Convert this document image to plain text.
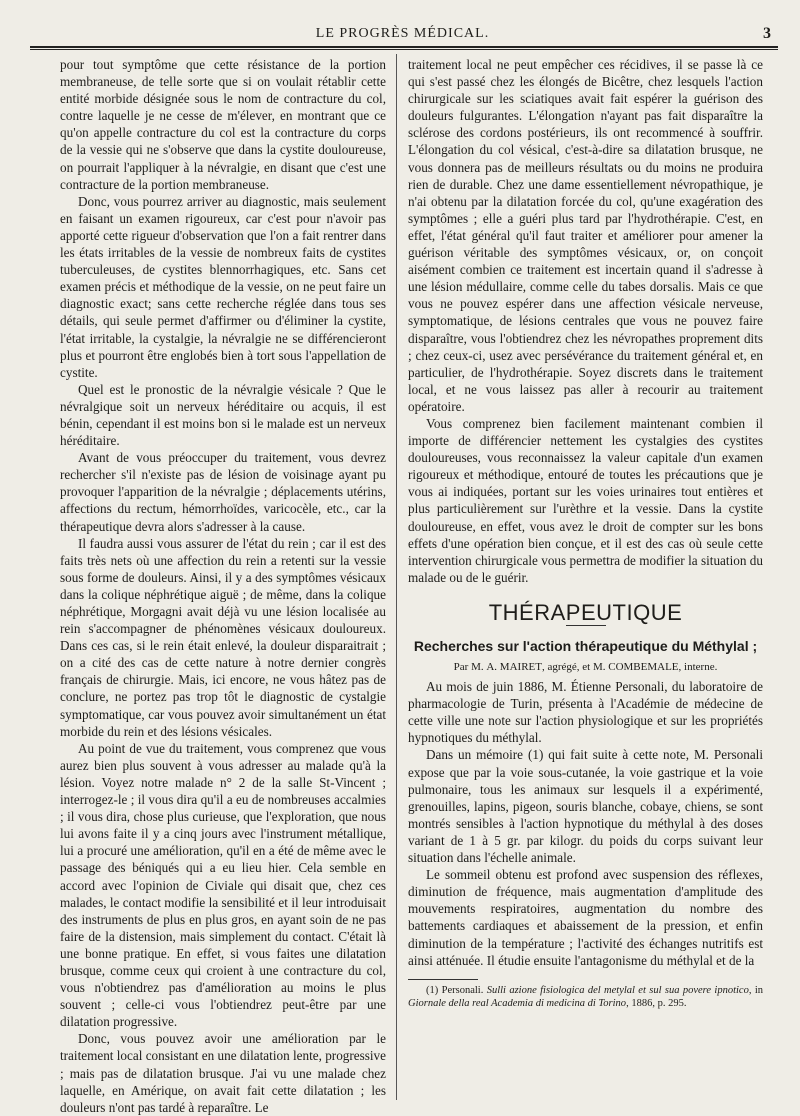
LE PROGRÈS MÉDICAL.	3

pour tout symptôme que cette résistance de la portion membraneuse, de telle sorte que si on voulait rétablir cette entité morbide désignée sous le nom de contracture du col, contre laquelle je ne cesse de m'élever, en montrant que ce qu'on appelle contracture du col est la contracture du corps de la vessie qui ne s'observe que dans la cystite douloureuse, on pourrait l'appliquer à la névralgie, en disant que c'est une contracture de la portion membraneuse.

Donc, vous pourrez arriver au diagnostic, mais seulement en faisant un examen rigoureux, car c'est pour n'avoir pas apporté cette rigueur d'observation que l'on a fait rentrer dans les états irritables de la vessie de nombreux faits de cystites tuberculeuses, de cystites blennorrhagiques, etc. Sans cet examen précis et méthodique de la vessie, on ne peut faire un diagnostic exact; sans cette recherche réglée dans tous ses détails, qui seule permet d'affirmer ou d'éliminer la cystite, l'état irritable, la cystalgie, la névralgie ne se différencieront plus et pourront être englobés bien à tort sous l'appellation de cystite.

Quel est le pronostic de la névralgie vésicale ? Que le névralgique soit un nerveux héréditaire ou acquis, il est bénin, cependant il est moins bon si le malade est un nerveux héréditaire.

Avant de vous préoccuper du traitement, vous devrez rechercher s'il n'existe pas de lésion de voisinage ayant pu provoquer l'apparition de la névralgie ; déplacements utérins, affections du rectum, hémorrhoïdes, varicocèle, etc., car la thérapeutique devra alors s'adresser à la cause.

Il faudra aussi vous assurer de l'état du rein ; car il est des faits très nets où une affection du rein a retenti sur la vessie sous forme de douleurs. Ainsi, il y a des symptômes vésicaux dans la colique néphrétique aiguë ; de même, dans la colique néphrétique, Morgagni avait déjà vu une lésion localisée au rein s'accompagner de phénomènes vésicaux douloureux. Dans ces cas, si le rein était enlevé, la douleur disparaitrait ; on a cité des cas de cette nature à notre dernier congrès français de chirurgie. Mais, ici encore, ne vous hâtez pas de conclure, ne portez pas trop tôt le diagnostic de cystalgie symptomatique, car vous pouvez avoir simultanément un état morbide du rein et des lésions vésicales.

Au point de vue du traitement, vous comprenez que vous aurez bien plus souvent à vous adresser au malade qu'à la lésion. Voyez notre malade n° 2 de la salle St-Vincent ; interrogez-le ; il vous dira qu'il a eu de nombreuses accalmies ; il vous dira, chose plus curieuse, que l'exploration, que nous lui avons faite il y a cinq jours avec l'instrument métallique, lui a procuré une amélioration, qu'il en a été de même avec le passage des béniqués qui a eu lieu hier. Cela semble en accord avec l'opinion de Civiale qui disait que, chez ces malades, le contact modifie la sensibilité et il leur introduisait des instruments de plus en plus gros, en ayant soin de ne pas faire de la distension, mais simplement du contact. C'était là une bonne pratique. En effet, si vous faites une dilatation brusque, comme ceux qui croient à une contracture du col, vous n'obtiendrez pas d'amélioration au moins le plus souvent ; celle-ci vous l'obtiendrez peut-être par une dilatation progressive.

Donc, vous pouvez avoir une amélioration par le traitement local consistant en une dilatation lente, progressive ; mais pas de dilatation brusque. J'ai vu une malade chez laquelle, en Amérique, on avait fait cette dilatation ; les douleurs n'ont pas tardé à reparaître. Le

traitement local ne peut empêcher ces récidives, il se passe là ce qui s'est passé chez les élongés de Bicêtre, chez lesquels l'action chirurgicale sur les sciatiques avait fait espérer la guérison des douleurs fulgurantes. L'élongation n'ayant pas fait disparaître la sclérose des cordons postérieurs, ils ont recommencé à souffrir. L'élongation du col vésical, c'est-à-dire sa dilatation brusque, ne vous donnera pas de meilleurs résultats ou du moins ne produira rien de durable. Chez une dame essentiellement névropathique, je n'ai obtenu par la dilatation forcée du col, qu'une exagération des symptômes ; elle a guéri plus tard par l'hydrothérapie. C'est, en effet, l'état général qu'il faut traiter et améliorer pour amener la guérison véritable des symptômes vésicaux, or, on conçoit aisément combien ce traitement est incertain quand il s'adresse à une lésion médullaire, comme celle du tabes dorsalis. Mais ce que vous ne pouvez espérer dans une affection vésicale nerveuse, symptomatique, de lésions centrales que vous ne pouvez faire disparaître, vous l'obtiendrez chez les névropathes proprement dits ; chez ceux-ci, usez avec persévérance du traitement général et, en particulier, de l'hydrothérapie. Soyez discrets dans le traitement local, et ne vous laissez pas aller à recourir au traitement opératoire.

Vous comprenez bien facilement maintenant combien il importe de différencier nettement les cystalgies des cystites douloureuses, vous reconnaissez la valeur capitale d'un examen rigoureux et méthodique, entouré de toutes les précautions que je vous ai indiquées, portant sur les voies urinaires tout entières et plus particulièrement sur l'urèthre et la vessie. Dans la cystite douloureuse, en effet, vous avez le droit de compter sur les bons effets d'une opération bien conçue, et il est des cas où seule cette intervention chirurgicale vous permettra de modifier la situation du malade ou de le guérir.

THÉRAPEUTIQUE
Recherches sur l'action thérapeutique du Méthylal ;
Par M. A. MAIRET, agrégé, et M. COMBEMALE, interne.

Au mois de juin 1886, M. Étienne Personali, du laboratoire de pharmacologie de Turin, présenta à l'Académie de médecine de cette ville une note sur l'action physiologique et sur les propriétés hypnotiques du méthylal.

Dans un mémoire (1) qui fait suite à cette note, M. Personali expose que par la voie sous-cutanée, la voie gastrique et la voie pulmonaire, tous les animaux sur lesquels il a expérimenté, grenouilles, lapins, pigeon, souris blanche, cobaye, chiens, se sont montrés sensibles à l'action hypnotique du méthylal à des doses variant de 1 à 5 gr. par kilogr. du poids du corps suivant leur situation dans l'échelle animale.

Le sommeil obtenu est profond avec suspension des réflexes, diminution de fréquence, mais augmentation d'amplitude des mouvements respiratoires, augmentation du nombre des battements cardiaques et abaissement de la pression, et enfin diminution de la température ; l'activité des échanges nutritifs est ainsi atténuée. Il étudie ensuite l'antagonisme du méthylal et de la

(1) Personali. Sulli azione fisiologica del metylal et sul sua povere ipnotico, in Giornale della real Academia di medicina di Torino, 1886, p. 295.
